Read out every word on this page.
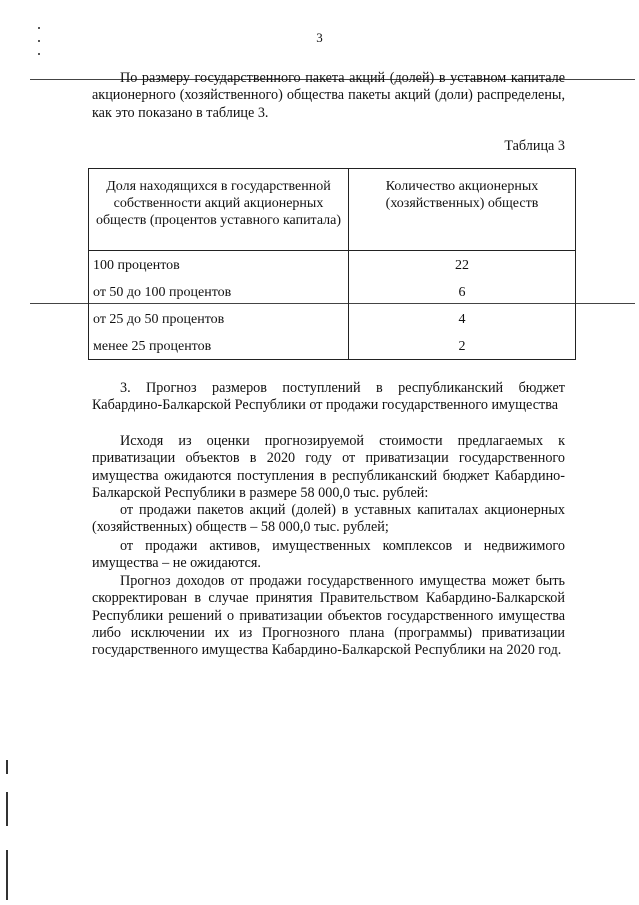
3

По размеру государственного пакета акций (долей) в уставном капитале акционерного (хозяйственного) общества пакеты акций (доли) распределены, как это показано в таблице 3.

Таблица 3
Доля находящихся в государственной собственности акций акционерных обществ (процентов уставного капитала)	Количество акционерных (хозяйственных) обществ
100 процентов	22
от 50 до 100 процентов	6
от 25 до 50 процентов	4
менее 25 процентов	2

3. Прогноз размеров поступлений в республиканский бюджет Кабардино-Балкарской Республики от продажи государственного имущества

Исходя из оценки прогнозируемой стоимости предлагаемых к приватизации объектов в 2020 году от приватизации государственного имущества ожидаются поступления в республиканский бюджет Кабардино-Балкарской Республики в размере 58 000,0 тыс. рублей:

от продажи пакетов акций (долей) в уставных капиталах акционерных (хозяйственных) обществ – 58 000,0 тыс. рублей;

от продажи активов, имущественных комплексов и недвижимого имущества – не ожидаются.

Прогноз доходов от продажи государственного имущества может быть скорректирован в случае принятия Правительством Кабардино-Балкарской Республики решений о приватизации объектов государственного имущества либо исключении их из Прогнозного плана (программы) приватизации государственного имущества Кабардино-Балкарской Республики на 2020 год.
